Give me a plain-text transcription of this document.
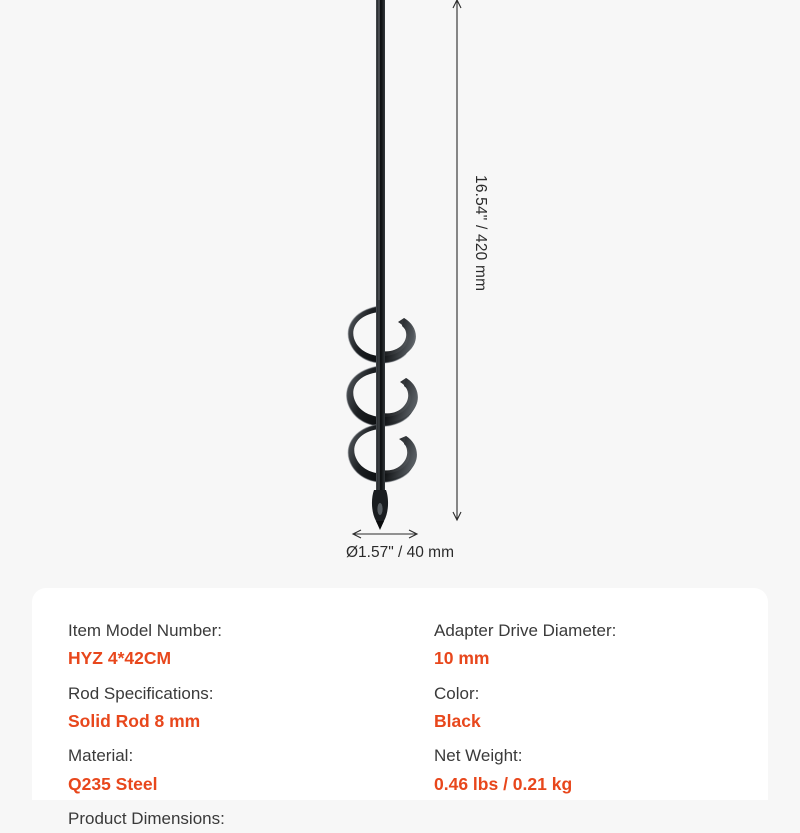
16.54" / 420 mm
Ø1.57" / 40 mm
Item Model Number:
HYZ 4*42CM
Rod Specifications:
Solid Rod 8 mm
Material:
Q235 Steel
Product Dimensions:
Adapter Drive Diameter:
10 mm
Color:
Black
Net Weight:
0.46 lbs / 0.21 kg
